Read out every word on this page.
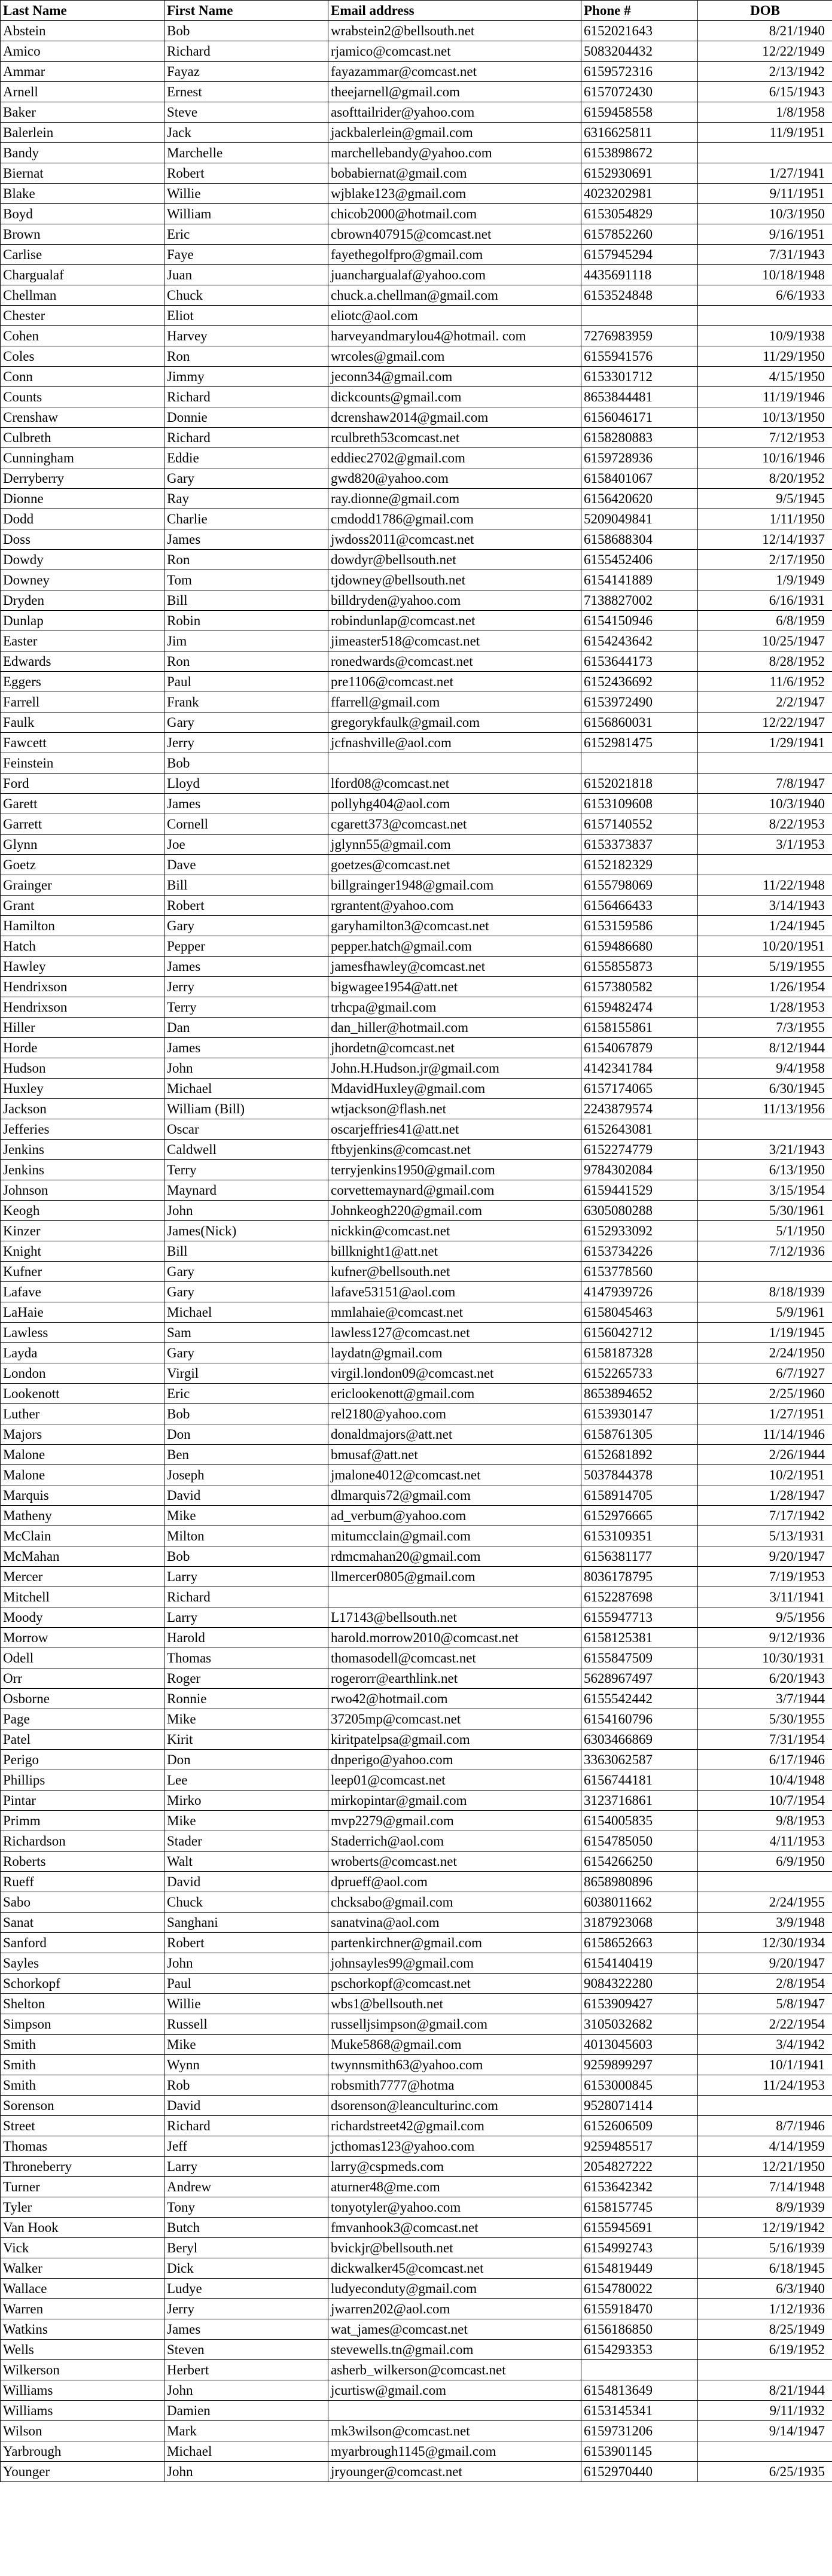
Last Name	First Name	Email address	Phone #	DOB
Abstein	Bob	wrabstein2@bellsouth.net	6152021643	8/21/1940
Amico	Richard	rjamico@comcast.net	5083204432	12/22/1949
Ammar	Fayaz	fayazammar@comcast.net	6159572316	2/13/1942
Arnell	Ernest	theejarnell@gmail.com	6157072430	6/15/1943
Baker	Steve	asofttailrider@yahoo.com	6159458558	1/8/1958
Balerlein	Jack	jackbalerlein@gmail.com	6316625811	11/9/1951
Bandy	Marchelle	marchellebandy@yahoo.com	6153898672	
Biernat	Robert	bobabiernat@gmail.com	6152930691	1/27/1941
Blake	Willie	wjblake123@gmail.com	4023202981	9/11/1951
Boyd	William	chicob2000@hotmail.com	6153054829	10/3/1950
Brown	Eric	cbrown407915@comcast.net	6157852260	9/16/1951
Carlise	Faye	fayethegolfpro@gmail.com	6157945294	7/31/1943
Chargualaf	Juan	juanchargualaf@yahoo.com	4435691118	10/18/1948
Chellman	Chuck	chuck.a.chellman@gmail.com	6153524848	6/6/1933
Chester	Eliot	eliotc@aol.com		
Cohen	Harvey	harveyandmarylou4@hotmail. com	7276983959	10/9/1938
Coles	Ron	wrcoles@gmail.com	6155941576	11/29/1950
Conn	Jimmy	jeconn34@gmail.com	6153301712	4/15/1950
Counts	Richard	dickcounts@gmail.com	8653844481	11/19/1946
Crenshaw	Donnie	dcrenshaw2014@gmail.com	6156046171	10/13/1950
Culbreth	Richard	rculbreth53comcast.net	6158280883	7/12/1953
Cunningham	Eddie	eddiec2702@gmail.com	6159728936	10/16/1946
Derryberry	Gary	gwd820@yahoo.com	6158401067	8/20/1952
Dionne	Ray	ray.dionne@gmail.com	6156420620	9/5/1945
Dodd	Charlie	cmdodd1786@gmail.com	5209049841	1/11/1950
Doss	James	jwdoss2011@comcast.net	6158688304	12/14/1937
Dowdy	Ron	dowdyr@bellsouth.net	6155452406	2/17/1950
Downey	Tom	tjdowney@bellsouth.net	6154141889	1/9/1949
Dryden	Bill	billdryden@yahoo.com	7138827002	6/16/1931
Dunlap	Robin	robindunlap@comcast.net	6154150946	6/8/1959
Easter	Jim	jimeaster518@comcast.net	6154243642	10/25/1947
Edwards	Ron	ronedwards@comcast.net	6153644173	8/28/1952
Eggers	Paul	pre1106@comcast.net	6152436692	11/6/1952
Farrell	Frank	ffarrell@gmail.com	6153972490	2/2/1947
Faulk	Gary	gregorykfaulk@gmail.com	6156860031	12/22/1947
Fawcett	Jerry	jcfnashville@aol.com	6152981475	1/29/1941
Feinstein	Bob			
Ford	Lloyd	lford08@comcast.net	6152021818	7/8/1947
Garett	James	pollyhg404@aol.com	6153109608	10/3/1940
Garrett	Cornell	cgarett373@comcast.net	6157140552	8/22/1953
Glynn	Joe	jglynn55@gmail.com	6153373837	3/1/1953
Goetz	Dave	goetzes@comcast.net	6152182329	
Grainger	Bill	billgrainger1948@gmail.com	6155798069	11/22/1948
Grant	Robert	rgrantent@yahoo.com	6156466433	3/14/1943
Hamilton	Gary	garyhamilton3@comcast.net	6153159586	1/24/1945
Hatch	Pepper	pepper.hatch@gmail.com	6159486680	10/20/1951
Hawley	James	jamesfhawley@comcast.net	6155855873	5/19/1955
Hendrixson	Jerry	bigwagee1954@att.net	6157380582	1/26/1954
Hendrixson	Terry	trhcpa@gmail.com	6159482474	1/28/1953
Hiller	Dan	dan_hiller@hotmail.com	6158155861	7/3/1955
Horde	James	jhordetn@comcast.net	6154067879	8/12/1944
Hudson	John	John.H.Hudson.jr@gmail.com	4142341784	9/4/1958
Huxley	Michael	MdavidHuxley@gmail.com	6157174065	6/30/1945
Jackson	William (Bill)	wtjackson@flash.net	2243879574	11/13/1956
Jefferies	Oscar	oscarjeffries41@att.net	6152643081	
Jenkins	Caldwell	ftbyjenkins@comcast.net	6152274779	3/21/1943
Jenkins	Terry	terryjenkins1950@gmail.com	9784302084	6/13/1950
Johnson	Maynard	corvettemaynard@gmail.com	6159441529	3/15/1954
Keogh	John	Johnkeogh220@gmail.com	6305080288	5/30/1961
Kinzer	James(Nick)	nickkin@comcast.net	6152933092	5/1/1950
Knight	Bill	billknight1@att.net	6153734226	7/12/1936
Kufner	Gary	kufner@bellsouth.net	6153778560	
Lafave	Gary	lafave53151@aol.com	4147939726	8/18/1939
LaHaie	Michael	mmlahaie@comcast.net	6158045463	5/9/1961
Lawless	Sam	lawless127@comcast.net	6156042712	1/19/1945
Layda	Gary	laydatn@gmail.com	6158187328	2/24/1950
London	Virgil	virgil.london09@comcast.net	6152265733	6/7/1927
Lookenott	Eric	ericlookenott@gmail.com	8653894652	2/25/1960
Luther	Bob	rel2180@yahoo.com	6153930147	1/27/1951
Majors	Don	donaldmajors@att.net	6158761305	11/14/1946
Malone	Ben	bmusaf@att.net	6152681892	2/26/1944
Malone	Joseph	jmalone4012@comcast.net	5037844378	10/2/1951
Marquis	David	dlmarquis72@gmail.com	6158914705	1/28/1947
Matheny	Mike	ad_verbum@yahoo.com	6152976665	7/17/1942
McClain	Milton	mitumcclain@gmail.com	6153109351	5/13/1931
McMahan	Bob	rdmcmahan20@gmail.com	6156381177	9/20/1947
Mercer	Larry	llmercer0805@gmail.com	8036178795	7/19/1953
Mitchell	Richard		6152287698	3/11/1941
Moody	Larry	L17143@bellsouth.net	6155947713	9/5/1956
Morrow	Harold	harold.morrow2010@comcast.net	6158125381	9/12/1936
Odell	Thomas	thomasodell@comcast.net	6155847509	10/30/1931
Orr	Roger	rogerorr@earthlink.net	5628967497	6/20/1943
Osborne	Ronnie	rwo42@hotmail.com	6155542442	3/7/1944
Page	Mike	37205mp@comcast.net	6154160796	5/30/1955
Patel	Kirit	kiritpatelpsa@gmail.com	6303466869	7/31/1954
Perigo	Don	dnperigo@yahoo.com	3363062587	6/17/1946
Phillips	Lee	leep01@comcast.net	6156744181	10/4/1948
Pintar	Mirko	mirkopintar@gmail.com	3123716861	10/7/1954
Primm	Mike	mvp2279@gmail.com	6154005835	9/8/1953
Richardson	Stader	Staderrich@aol.com	6154785050	4/11/1953
Roberts	Walt	wroberts@comcast.net	6154266250	6/9/1950
Rueff	David	dprueff@aol.com	8658980896	
Sabo	Chuck	chcksabo@gmail.com	6038011662	2/24/1955
Sanat	Sanghani	sanatvina@aol.com	3187923068	3/9/1948
Sanford	Robert	partenkirchner@gmail.com	6158652663	12/30/1934
Sayles	John	johnsayles99@gmail.com	6154140419	9/20/1947
Schorkopf	Paul	pschorkopf@comcast.net	9084322280	2/8/1954
Shelton	Willie	wbs1@bellsouth.net	6153909427	5/8/1947
Simpson	Russell	russelljsimpson@gmail.com	3105032682	2/22/1954
Smith	Mike	Muke5868@gmail.com	4013045603	3/4/1942
Smith	Wynn	twynnsmith63@yahoo.com	9259899297	10/1/1941
Smith	Rob	robsmith7777@hotma	6153000845	11/24/1953
Sorenson	David	dsorenson@leanculturinc.com	9528071414	
Street	Richard	richardstreet42@gmail.com	6152606509	8/7/1946
Thomas	Jeff	jcthomas123@yahoo.com	9259485517	4/14/1959
Throneberry	Larry	larry@cspmeds.com	2054827222	12/21/1950
Turner	Andrew	aturner48@me.com	6153642342	7/14/1948
Tyler	Tony	tonyotyler@yahoo.com	6158157745	8/9/1939
Van Hook	Butch	fmvanhook3@comcast.net	6155945691	12/19/1942
Vick	Beryl	bvickjr@bellsouth.net	6154992743	5/16/1939
Walker	Dick	dickwalker45@comcast.net	6154819449	6/18/1945
Wallace	Ludye	ludyeconduty@gmail.com	6154780022	6/3/1940
Warren	Jerry	jwarren202@aol.com	6155918470	1/12/1936
Watkins	James	wat_james@comcast.net	6156186850	8/25/1949
Wells	Steven	stevewells.tn@gmail.com	6154293353	6/19/1952
Wilkerson	Herbert	asherb_wilkerson@comcast.net		
Williams	John	jcurtisw@gmail.com	6154813649	8/21/1944
Williams	Damien		6153145341	9/11/1932
Wilson	Mark	mk3wilson@comcast.net	6159731206	9/14/1947
Yarbrough	Michael	myarbrough1145@gmail.com	6153901145	
Younger	John	jryounger@comcast.net	6152970440	6/25/1935
